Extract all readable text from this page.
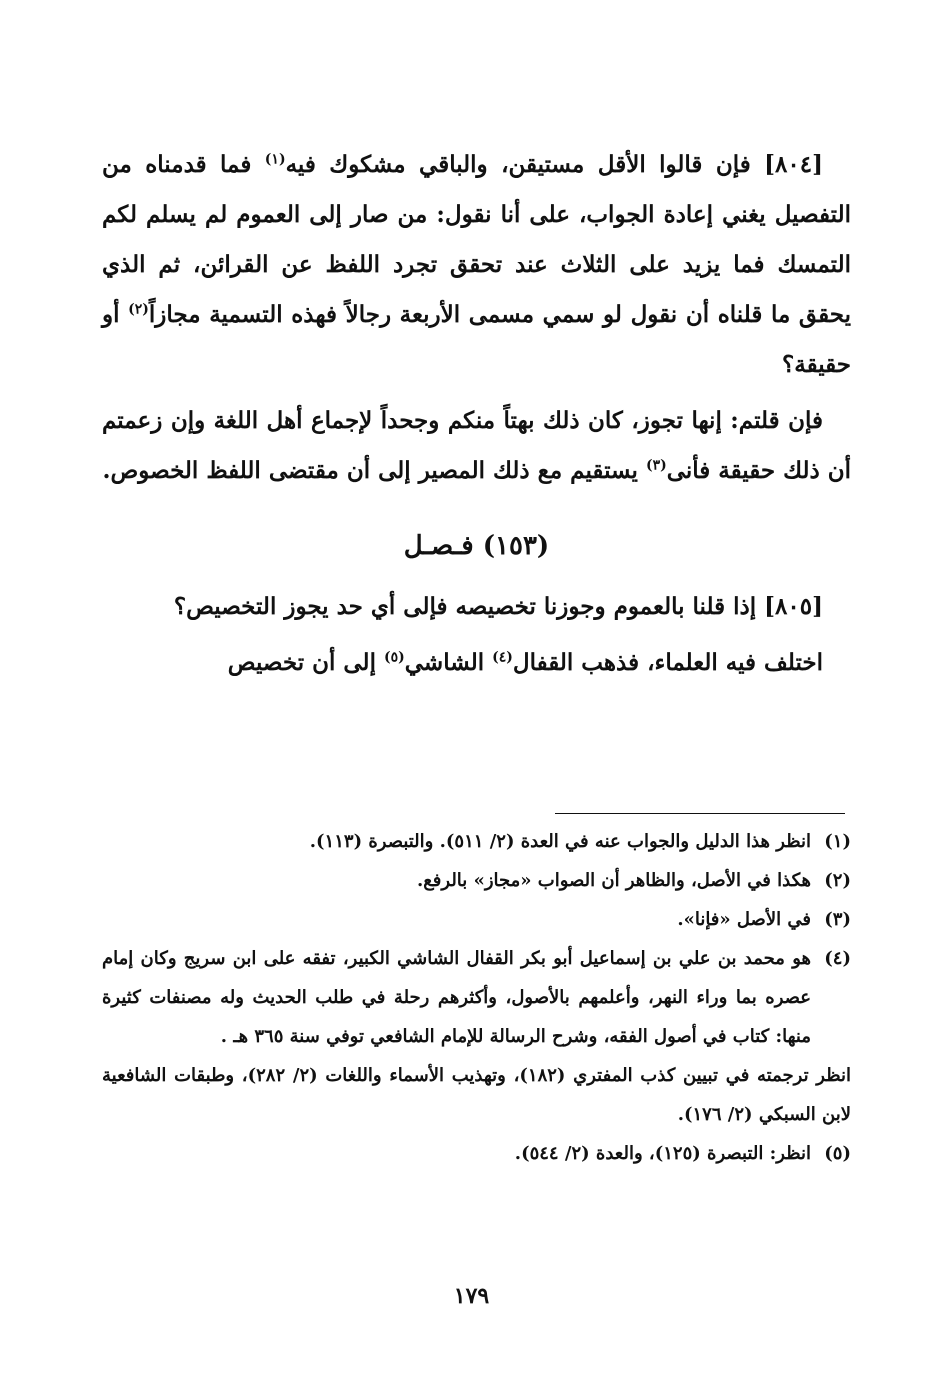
[٨٠٤] فإن قالوا الأقل مستيقن، والباقي مشكوك فيه$^{(١)}$ فما قدمناه من التفصيل يغني إعادة الجواب، على أنا نقول: من صار إلى العموم لم يسلم لكم التمسك فما يزيد على الثلاث عند تحقق تجرد اللفظ عن القرائن، ثم الذي يحقق ما قلناه أن نقول لو سمي مسمى الأربعة رجالاً فهذه التسمية مجازاً$^{(٢)}$ أو حقيقة؟

فإن قلتم: إنها تجوز، كان ذلك بهتاً منكم وجحداً لإجماع أهل اللغة وإن زعمتم أن ذلك حقيقة فأنى$^{(٣)}$ يستقيم مع ذلك المصير إلى أن مقتضى اللفظ الخصوص.

(١٥٣) فـصـل

[٨٠٥] إذا قلنا بالعموم وجوزنا تخصيصه فإلى أي حد يجوز التخصيص؟

اختلف فيه العلماء، فذهب القفال$^{(٤)}$ الشاشي$^{(٥)}$ إلى أن تخصيص

(١)
انظر هذا الدليل والجواب عنه في العدة (٢/ ٥١١). والتبصرة (١١٣).
(٢)
هكذا في الأصل، والظاهر أن الصواب «مجاز» بالرفع.
(٣)
في الأصل «فإنا».
(٤)
هو محمد بن علي بن إسماعيل أبو بكر القفال الشاشي الكبير، تفقه على ابن سريج وكان إمام عصره بما وراء النهر، وأعلمهم بالأصول، وأكثرهم رحلة في طلب الحديث وله مصنفات كثيرة منها: كتاب في أصول الفقه، وشرح الرسالة للإمام الشافعي توفي سنة ٣٦٥ هـ .
انظر ترجمته في تبيين كذب المفتري (١٨٢)، وتهذيب الأسماء واللغات (٢/ ٢٨٢)، وطبقات الشافعية لابن السبكي (٢/ ١٧٦).
(٥)
انظر: التبصرة (١٢٥)، والعدة (٢/ ٥٤٤).
١٧٩
